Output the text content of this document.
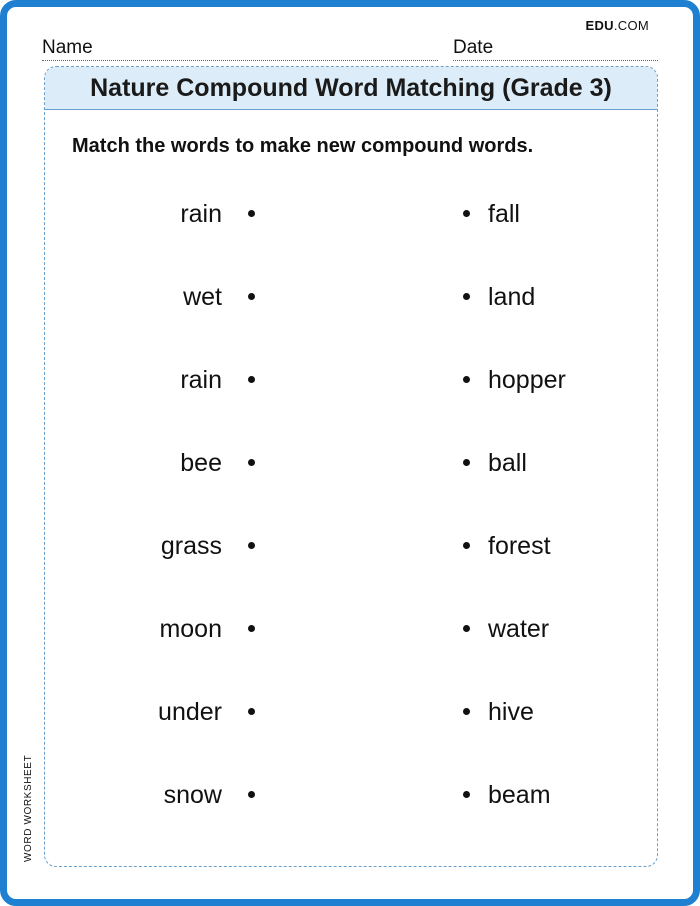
EDU.COM
Name	Date
Nature Compound Word Matching (Grade 3)
Match the words to make new compound words.
rain	fall
wet	land
rain	hopper
bee	ball
grass	forest
moon	water
under	hive
snow	beam
WORD WORKSHEET
